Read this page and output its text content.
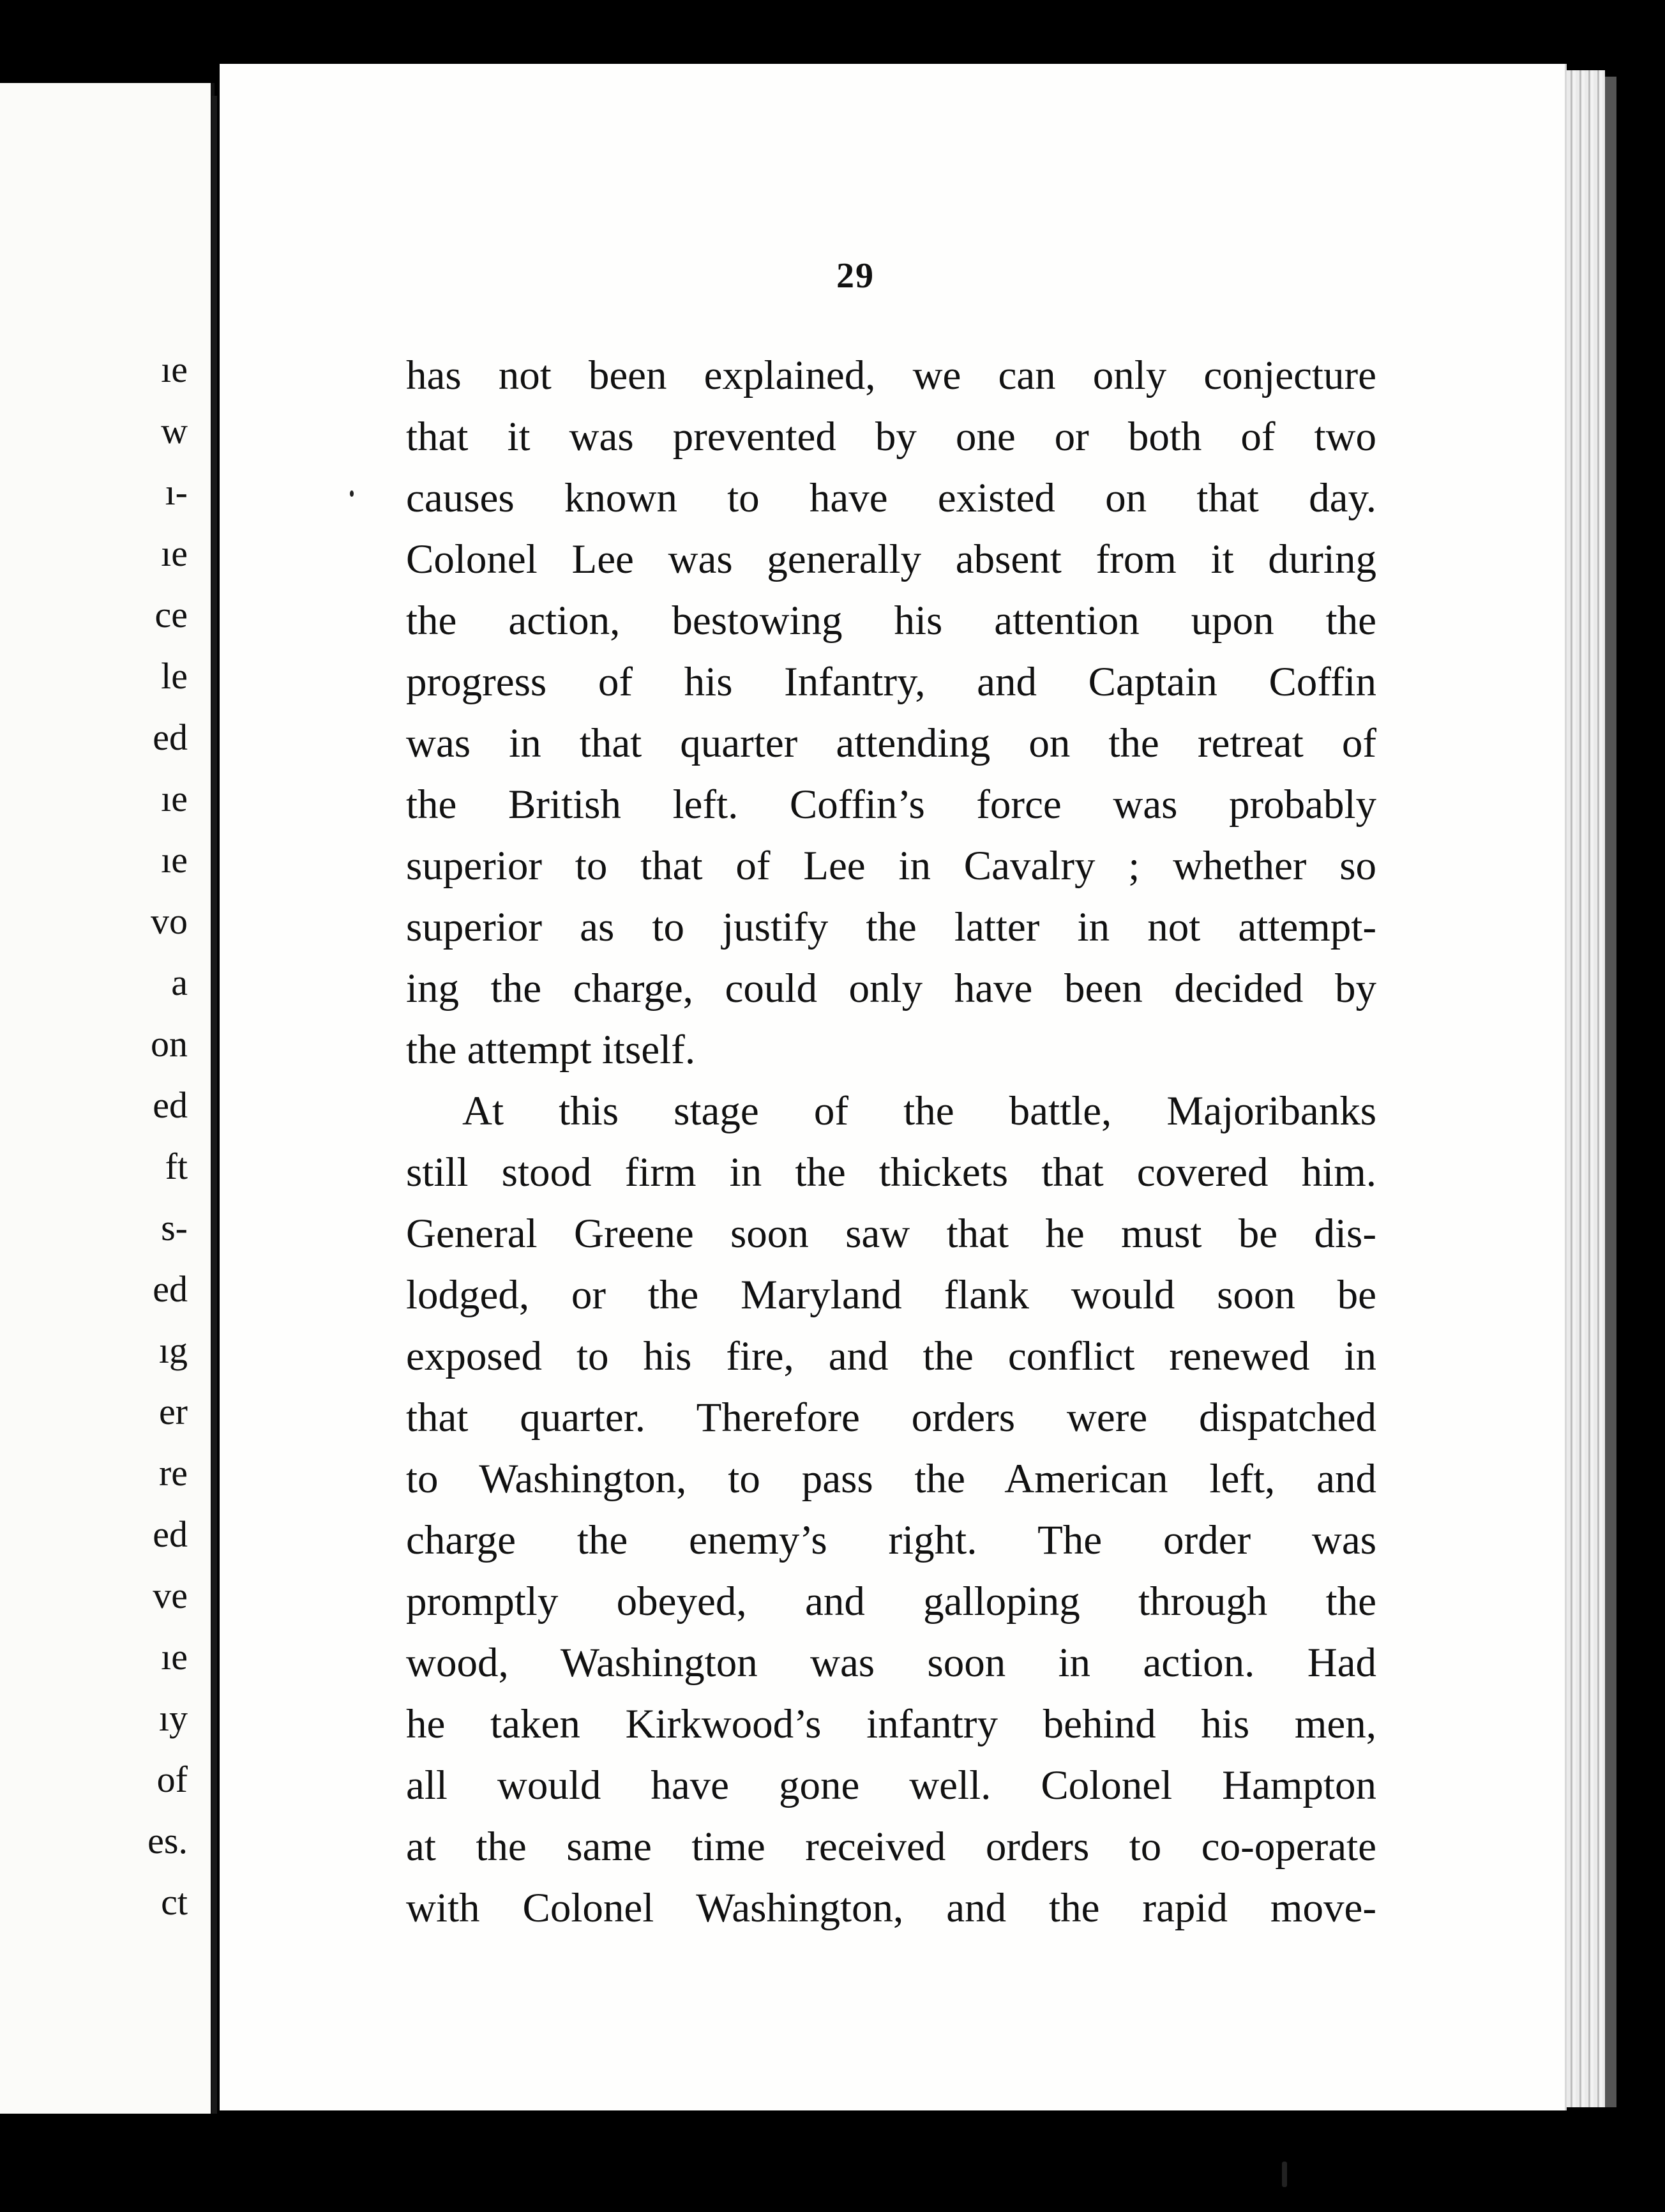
ıe
w
ı-
ıe
ce
le
ed
ıe
ıe
vo
a
on
ed
ft
s-
ed
ıg
er
re
ed
ve
ıe
ıy
of
es.
ct
29
has not been explained, we can only conjecture
that it was prevented by one or both of two
causes known to have existed on that day.
Colonel Lee was generally absent from it during
the action, bestowing his attention upon the
progress of his Infantry, and Captain Coffin
was in that quarter attending on the retreat of
the British left. Coffin’s force was probably
superior to that of Lee in Cavalry ; whether so
superior as to justify the latter in not attempt-
ing the charge, could only have been decided by
the attempt itself.
At this stage of the battle, Majoribanks
still stood firm in the thickets that covered him.
General Greene soon saw that he must be dis-
lodged, or the Maryland flank would soon be
exposed to his fire, and the conflict renewed in
that quarter. Therefore orders were dispatched
to Washington, to pass the American left, and
charge the enemy’s right. The order was
promptly obeyed, and galloping through the
wood, Washington was soon in action. Had
he taken Kirkwood’s infantry behind his men,
all would have gone well. Colonel Hampton
at the same time received orders to co-operate
with Colonel Washington, and the rapid move-
